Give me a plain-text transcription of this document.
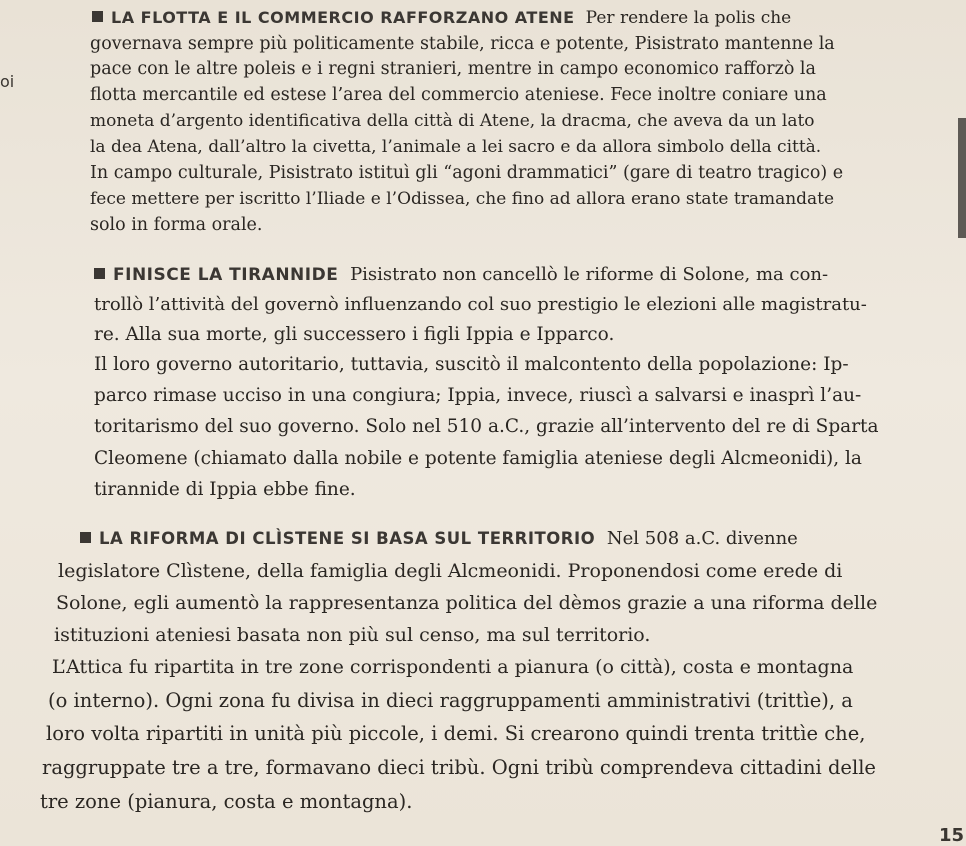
oi
LA FLOTTA E IL COMMERCIO RAFFORZANO ATENE Per rendere la polis che
governava sempre più politicamente stabile, ricca e potente, Pisistrato mantenne la
pace con le altre poleis e i regni stranieri, mentre in campo economico rafforzò la
flotta mercantile ed estese l’area del commercio ateniese. Fece inoltre coniare una
moneta d’argento identificativa della città di Atene, la dracma, che aveva da un lato
la dea Atena, dall’altro la civetta, l’animale a lei sacro e da allora simbolo della città.
In campo culturale, Pisistrato istituì gli “agoni drammatici” (gare di teatro tragico) e
fece mettere per iscritto l’Iliade e l’Odissea, che fino ad allora erano state tramandate
solo in forma orale.
FINISCE LA TIRANNIDE Pisistrato non cancellò le riforme di Solone, ma con-
trollò l’attività del governò influenzando col suo prestigio le elezioni alle magistratu-
re. Alla sua morte, gli successero i figli Ippia e Ipparco.
Il loro governo autoritario, tuttavia, suscitò il malcontento della popolazione: Ip-
parco rimase ucciso in una congiura; Ippia, invece, riuscì a salvarsi e inasprì l’au-
toritarismo del suo governo. Solo nel 510 a.C., grazie all’intervento del re di Sparta
Cleomene (chiamato dalla nobile e potente famiglia ateniese degli Alcmeonidi), la
tirannide di Ippia ebbe fine.
LA RIFORMA DI CLÌSTENE SI BASA SUL TERRITORIO Nel 508 a.C. divenne
legislatore Clìstene, della famiglia degli Alcmeonidi. Proponendosi come erede di
Solone, egli aumentò la rappresentanza politica del dèmos grazie a una riforma delle
istituzioni ateniesi basata non più sul censo, ma sul territorio.
L’Attica fu ripartita in tre zone corrispondenti a pianura (o città), costa e montagna
(o interno). Ogni zona fu divisa in dieci raggruppamenti amministrativi (trittìe), a
loro volta ripartiti in unità più piccole, i demi. Si crearono quindi trenta trittìe che,
raggruppate tre a tre, formavano dieci tribù. Ogni tribù comprendeva cittadini delle
tre zone (pianura, costa e montagna).
15
